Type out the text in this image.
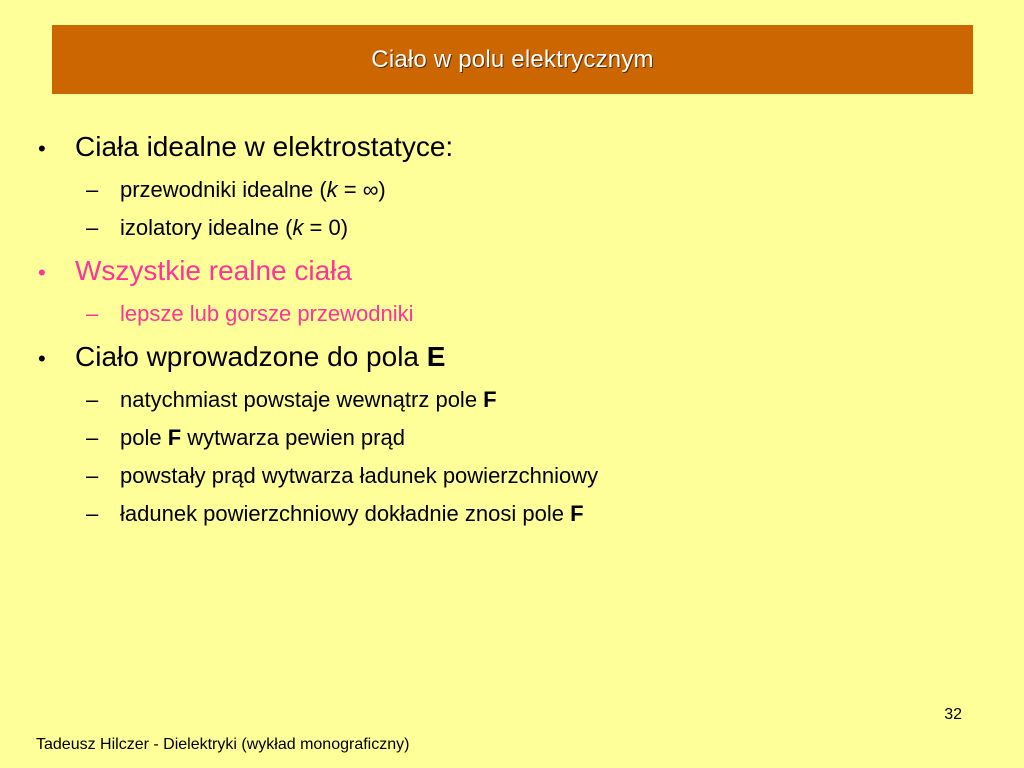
Ciało w polu elektrycznym
•	Ciała idealne w elektrostatyce:
– przewodniki idealne (k = ∞)
– izolatory idealne (k = 0)
•	Wszystkie realne ciała
– lepsze lub gorsze przewodniki
•	Ciało wprowadzone do pola E
– natychmiast powstaje wewnątrz pole F
– pole F wytwarza pewien prąd
– powstały prąd wytwarza ładunek powierzchniowy
– ładunek powierzchniowy dokładnie znosi pole F
32
Tadeusz Hilczer - Dielektryki (wykład monograficzny)
